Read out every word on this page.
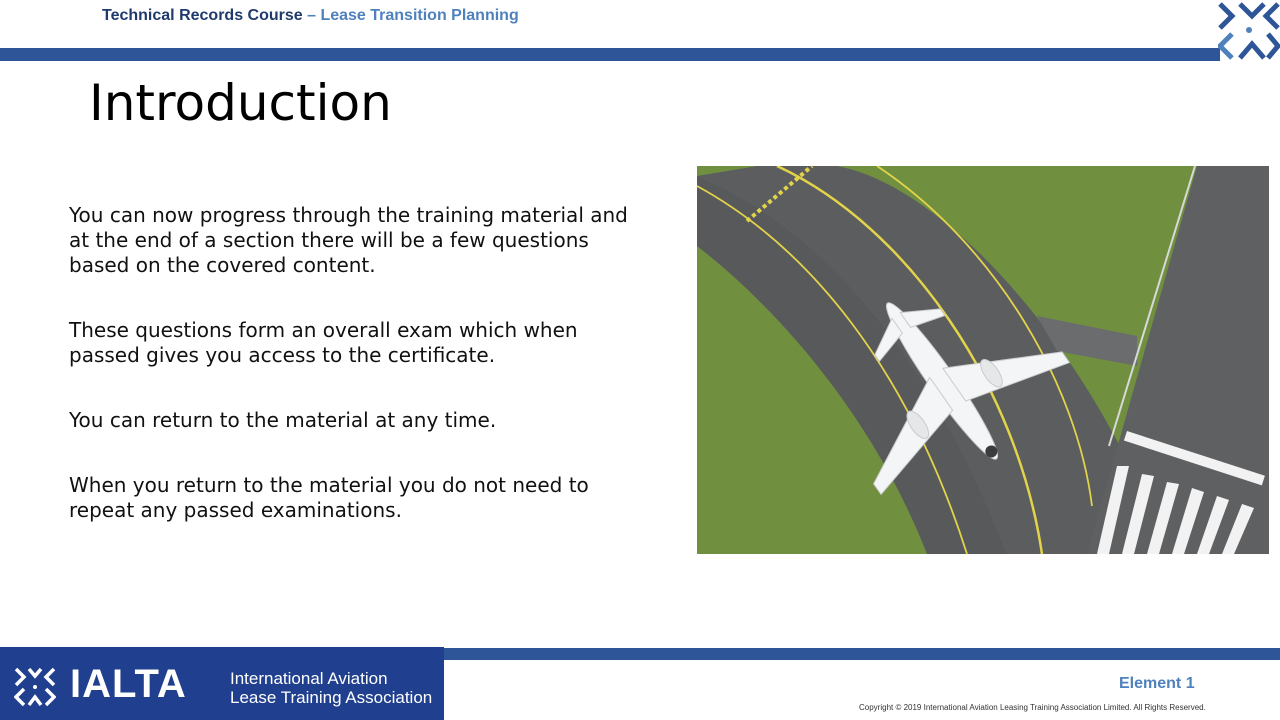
Technical Records Course – Lease Transition Planning
Introduction

You can now progress through the training material and at the end of a section there will be a few questions based on the covered content.

These questions form an overall exam which when passed gives you access to the certificate.

You can return to the material at any time.

When you return to the material you do not need to repeat any passed examinations.

IALTA	International Aviation
Lease Training Association
Element 1
Copyright © 2019 International Aviation Leasing Training Association Limited. All Rights Reserved.
